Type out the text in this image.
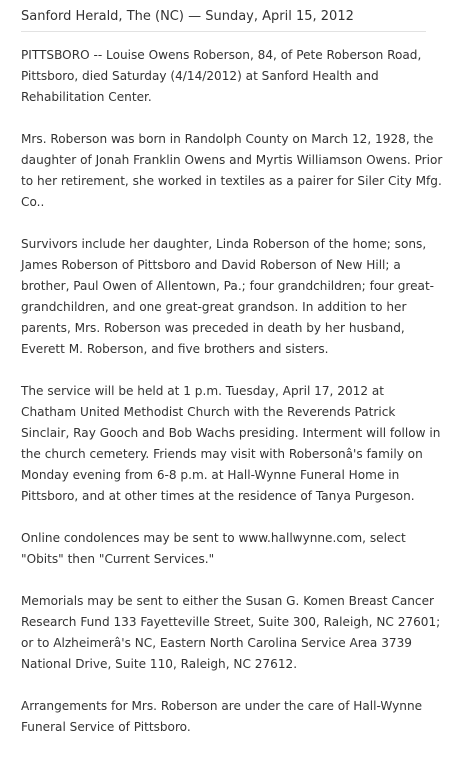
Sanford Herald, The (NC) — Sunday, April 15, 2012

PITTSBORO -- Louise Owens Roberson, 84, of Pete Roberson Road,
Pittsboro, died Saturday (4/14/2012) at Sanford Health and
Rehabilitation Center.

Mrs. Roberson was born in Randolph County on March 12, 1928, the
daughter of Jonah Franklin Owens and Myrtis Williamson Owens. Prior
to her retirement, she worked in textiles as a pairer for Siler City Mfg.
Co..

Survivors include her daughter, Linda Roberson of the home; sons,
James Roberson of Pittsboro and David Roberson of New Hill; a
brother, Paul Owen of Allentown, Pa.; four grandchildren; four great-
grandchildren, and one great-great grandson. In addition to her
parents, Mrs. Roberson was preceded in death by her husband,
Everett M. Roberson, and five brothers and sisters.

The service will be held at 1 p.m. Tuesday, April 17, 2012 at
Chatham United Methodist Church with the Reverends Patrick
Sinclair, Ray Gooch and Bob Wachs presiding. Interment will follow in
the church cemetery. Friends may visit with Robersonâ's family on
Monday evening from 6-8 p.m. at Hall-Wynne Funeral Home in
Pittsboro, and at other times at the residence of Tanya Purgeson.

Online condolences may be sent to www.hallwynne.com, select
"Obits" then "Current Services."

Memorials may be sent to either the Susan G. Komen Breast Cancer
Research Fund 133 Fayetteville Street, Suite 300, Raleigh, NC 27601;
or to Alzheimerâ's NC, Eastern North Carolina Service Area 3739
National Drive, Suite 110, Raleigh, NC 27612.

Arrangements for Mrs. Roberson are under the care of Hall-Wynne
Funeral Service of Pittsboro.
